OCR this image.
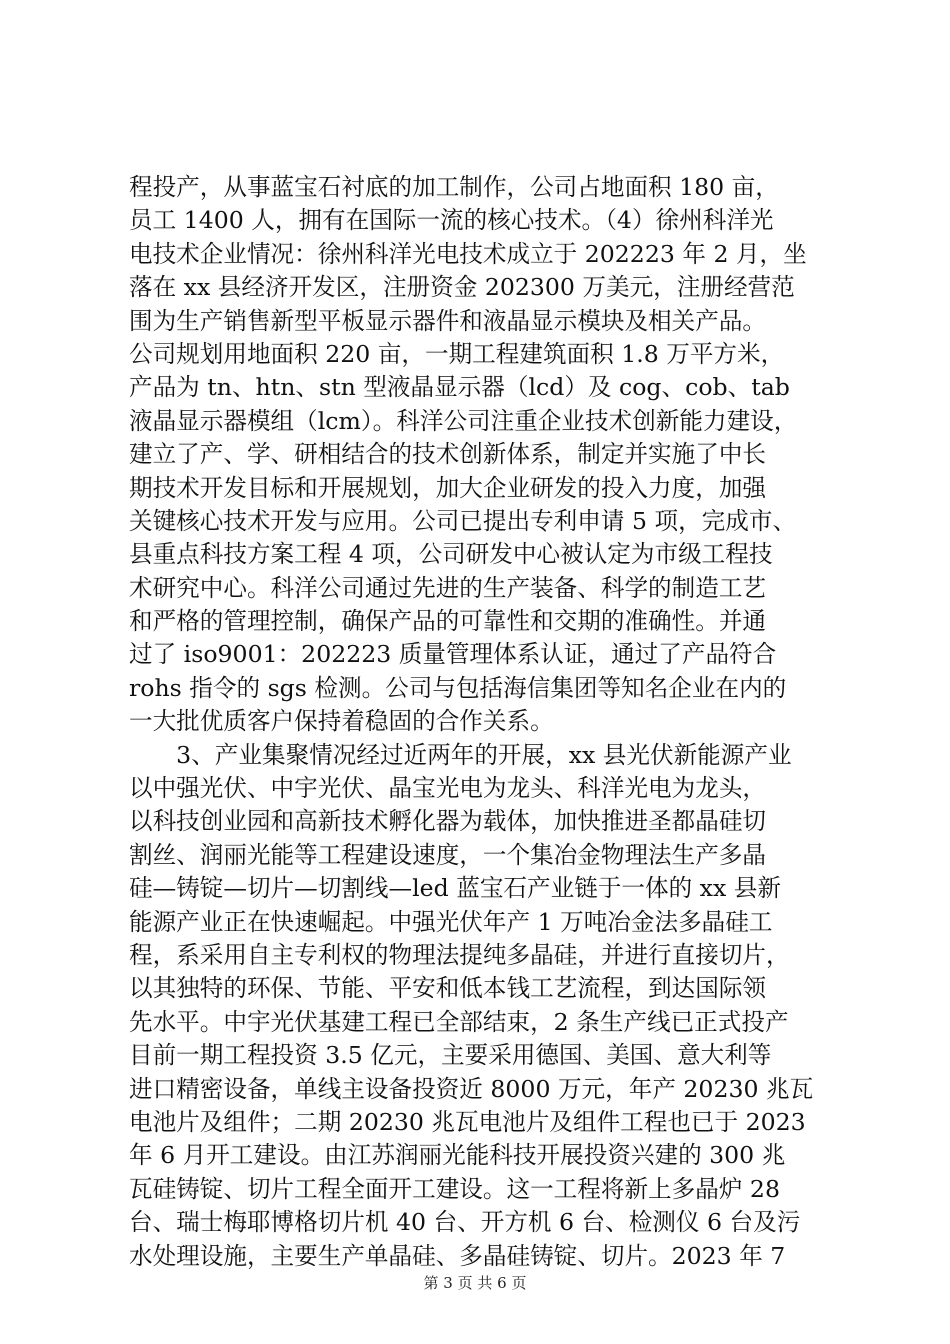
程投产，从事蓝宝石衬底的加工制作，公司占地面积 180 亩，
员工 1400 人，拥有在国际一流的核心技术。（4）徐州科洋光
电技术企业情况：徐州科洋光电技术成立于 202223 年 2 月，坐
落在 xx 县经济开发区，注册资金 202300 万美元，注册经营范
围为生产销售新型平板显示器件和液晶显示模块及相关产品。
公司规划用地面积 220 亩，一期工程建筑面积 1.8 万平方米，
产品为 tn、htn、stn 型液晶显示器（lcd）及 cog、cob、tab
液晶显示器模组（lcm）。科洋公司注重企业技术创新能力建设，
建立了产、学、研相结合的技术创新体系，制定并实施了中长
期技术开发目标和开展规划，加大企业研发的投入力度，加强
关键核心技术开发与应用。公司已提出专利申请 5 项，完成市、
县重点科技方案工程 4 项，公司研发中心被认定为市级工程技
术研究中心。科洋公司通过先进的生产装备、科学的制造工艺
和严格的管理控制，确保产品的可靠性和交期的准确性。并通
过了 iso9001：202223 质量管理体系认证，通过了产品符合
rohs 指令的 sgs 检测。公司与包括海信集团等知名企业在内的
一大批优质客户保持着稳固的合作关系。
　　3、产业集聚情况经过近两年的开展，xx 县光伏新能源产业
以中强光伏、中宇光伏、晶宝光电为龙头、科洋光电为龙头，
以科技创业园和高新技术孵化器为载体，加快推进圣都晶硅切
割丝、润丽光能等工程建设速度，一个集冶金物理法生产多晶
硅—铸锭—切片—切割线—led 蓝宝石产业链于一体的 xx 县新
能源产业正在快速崛起。中强光伏年产 1 万吨冶金法多晶硅工
程，系采用自主专利权的物理法提纯多晶硅，并进行直接切片，
以其独特的环保、节能、平安和低本钱工艺流程，到达国际领
先水平。中宇光伏基建工程已全部结束，2 条生产线已正式投产
目前一期工程投资 3.5 亿元，主要采用德国、美国、意大利等
进口精密设备，单线主设备投资近 8000 万元，年产 20230 兆瓦
电池片及组件；二期 20230 兆瓦电池片及组件工程也已于 2023
年 6 月开工建设。由江苏润丽光能科技开展投资兴建的 300 兆
瓦硅铸锭、切片工程全面开工建设。这一工程将新上多晶炉 28
台、瑞士梅耶博格切片机 40 台、开方机 6 台、检测仪 6 台及污
水处理设施，主要生产单晶硅、多晶硅铸锭、切片。2023 年 7
第 3 页 共 6 页
